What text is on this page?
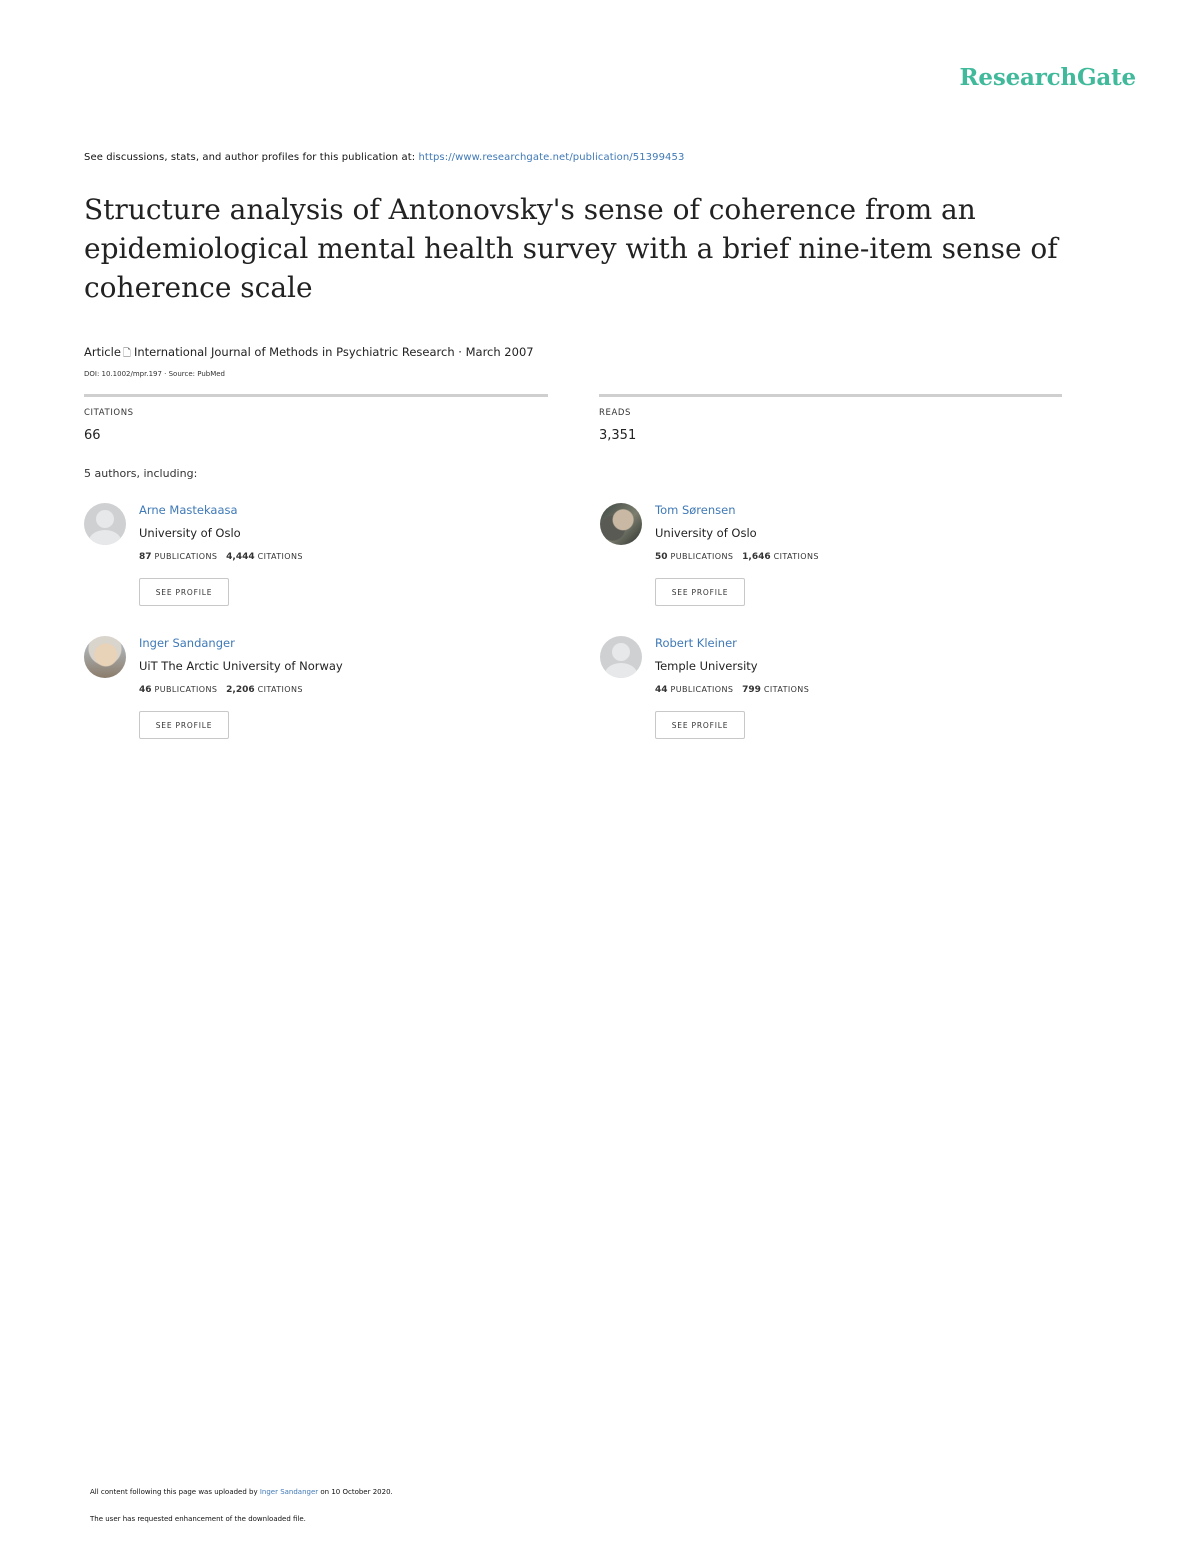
ResearchGate
See discussions, stats, and author profiles for this publication at: https://www.researchgate.net/publication/51399453
Structure analysis of Antonovsky's sense of coherence from an epidemiological mental health survey with a brief nine-item sense of coherence scale
Article 🗋 International Journal of Methods in Psychiatric Research · March 2007
DOI: 10.1002/mpr.197 · Source: PubMed
CITATIONS
66
READS
3,351
5 authors, including:
Arne Mastekaasa
University of Oslo
87 PUBLICATIONS 4,444 CITATIONS
SEE PROFILE
Tom Sørensen
University of Oslo
50 PUBLICATIONS 1,646 CITATIONS
SEE PROFILE
Inger Sandanger
UiT The Arctic University of Norway
46 PUBLICATIONS 2,206 CITATIONS
SEE PROFILE
Robert Kleiner
Temple University
44 PUBLICATIONS 799 CITATIONS
SEE PROFILE
All content following this page was uploaded by Inger Sandanger on 10 October 2020.
The user has requested enhancement of the downloaded file.
